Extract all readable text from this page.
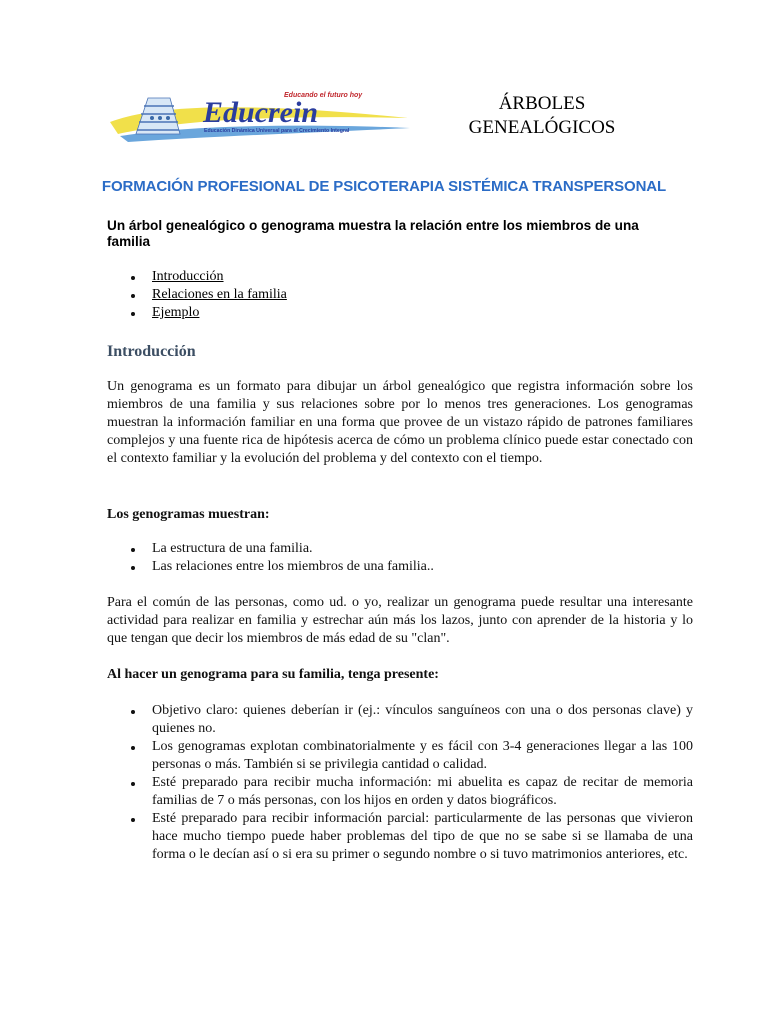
Educrein
Educando el futuro hoy
Educación Dinámica Universal para el Crecimiento Integral
ÁRBOLES
GENEALÓGICOS
FORMACIÓN PROFESIONAL DE PSICOTERAPIA SISTÉMICA TRANSPERSONAL
Un árbol genealógico o genograma muestra la relación entre los miembros de una familia
Introducción
Relaciones en la familia
Ejemplo
Introducción

Un genograma es un formato para dibujar un árbol genealógico que registra información sobre los miembros de una familia y sus relaciones sobre por lo menos tres generaciones. Los genogramas muestran la información familiar en una forma que provee de un vistazo rápido de patrones familiares complejos y una fuente rica de hipótesis acerca de cómo un problema clínico puede estar conectado con el contexto familiar y la evolución del problema y del contexto con el tiempo.

Los genogramas muestran:

La estructura de una familia.
Las relaciones entre los miembros de una familia..

Para el común de las personas, como ud. o yo, realizar un genograma puede resultar una interesante actividad para realizar en familia y estrechar aún más los lazos, junto con aprender de la historia y lo que tengan que decir los miembros de más edad de su "clan".

Al hacer un genograma para su familia, tenga presente:

Objetivo claro: quienes deberían ir (ej.: vínculos sanguíneos con una o dos personas clave) y quienes no.
Los genogramas explotan combinatorialmente y es fácil con 3-4 generaciones llegar a las 100 personas o más. También si se privilegia cantidad o calidad.
Esté preparado para recibir mucha información: mi abuelita es capaz de recitar de memoria familias de 7 o más personas, con los hijos en orden y datos biográficos.
Esté preparado para recibir información parcial: particularmente de las personas que vivieron hace mucho tiempo puede haber problemas del tipo de que no se sabe si se llamaba de una forma o le decían así o si era su primer o segundo nombre o si tuvo matrimonios anteriores, etc.
